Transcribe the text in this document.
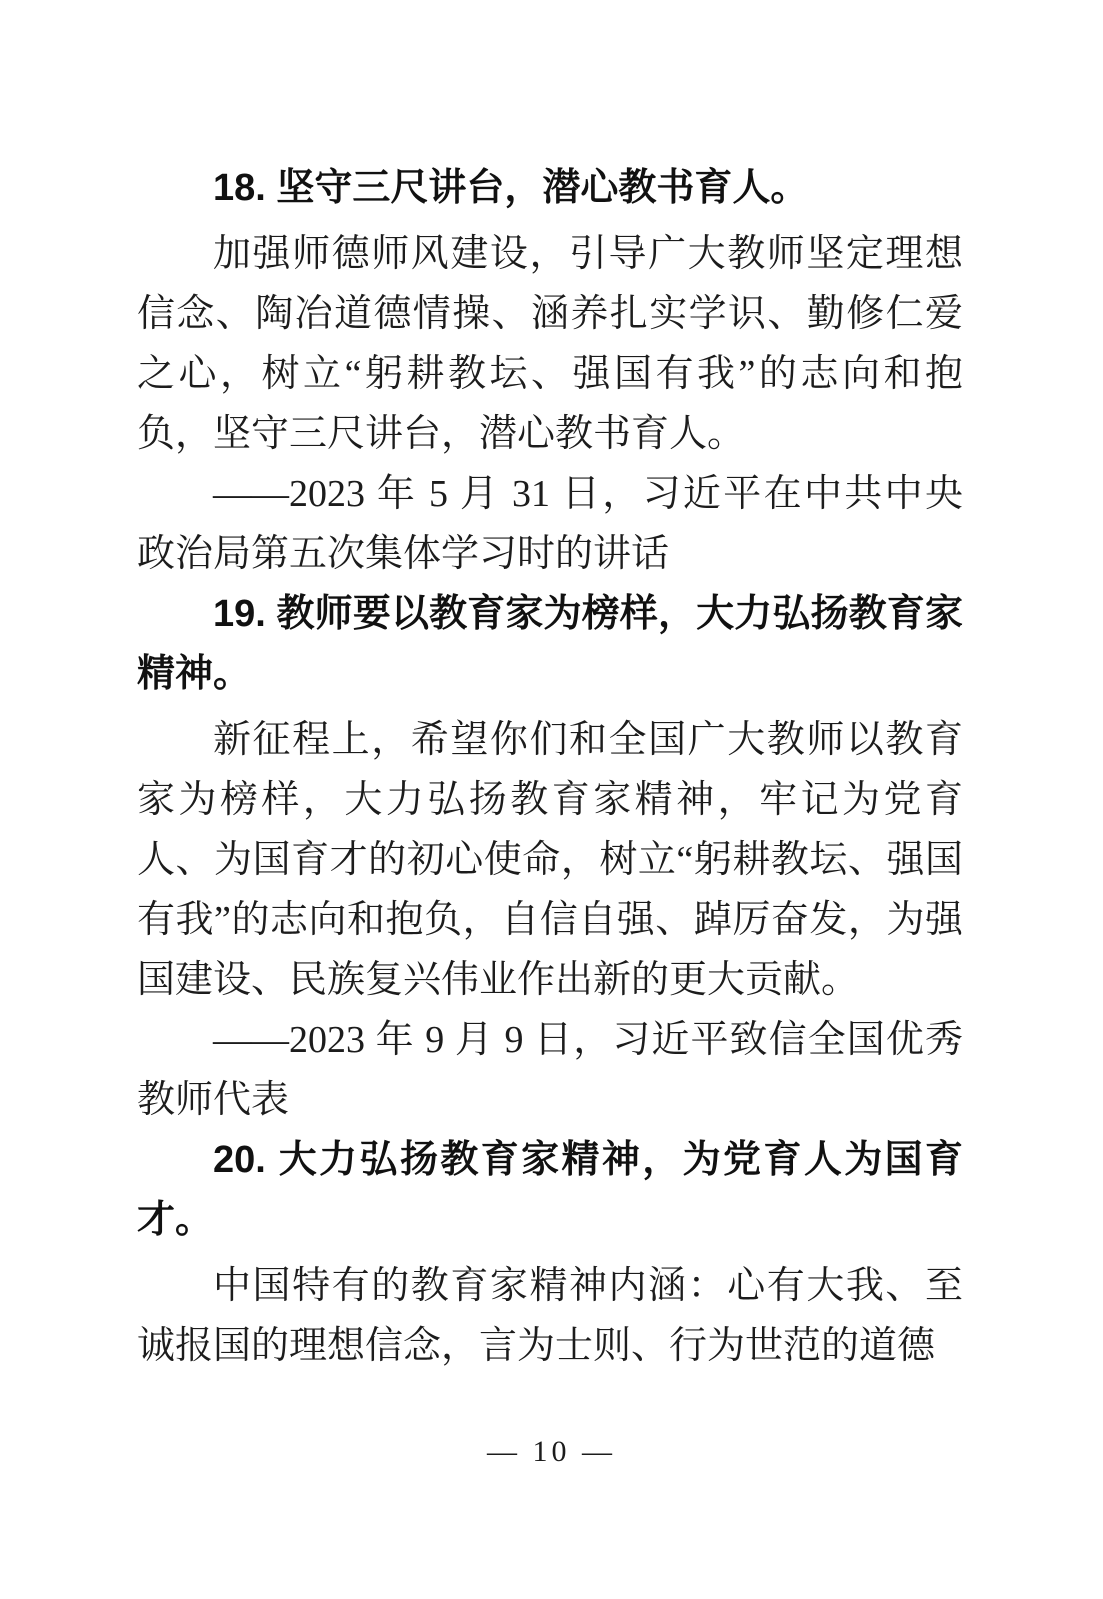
18. 坚守三尺讲台，潜心教书育人。

加强师德师风建设，引导广大教师坚定理想信念、陶冶道德情操、涵养扎实学识、勤修仁爱之心，树立“躬耕教坛、强国有我”的志向和抱负，坚守三尺讲台，潜心教书育人。

——2023 年 5 月 31 日，习近平在中共中央政治局第五次集体学习时的讲话

19. 教师要以教育家为榜样，大力弘扬教育家精神。

新征程上，希望你们和全国广大教师以教育家为榜样，大力弘扬教育家精神，牢记为党育人、为国育才的初心使命，树立“躬耕教坛、强国有我”的志向和抱负，自信自强、踔厉奋发，为强国建设、民族复兴伟业作出新的更大贡献。

——2023 年 9 月 9 日，习近平致信全国优秀教师代表

20. 大力弘扬教育家精神，为党育人为国育才。

中国特有的教育家精神内涵：心有大我、至诚报国的理想信念，言为士则、行为世范的道德

— 10 —
